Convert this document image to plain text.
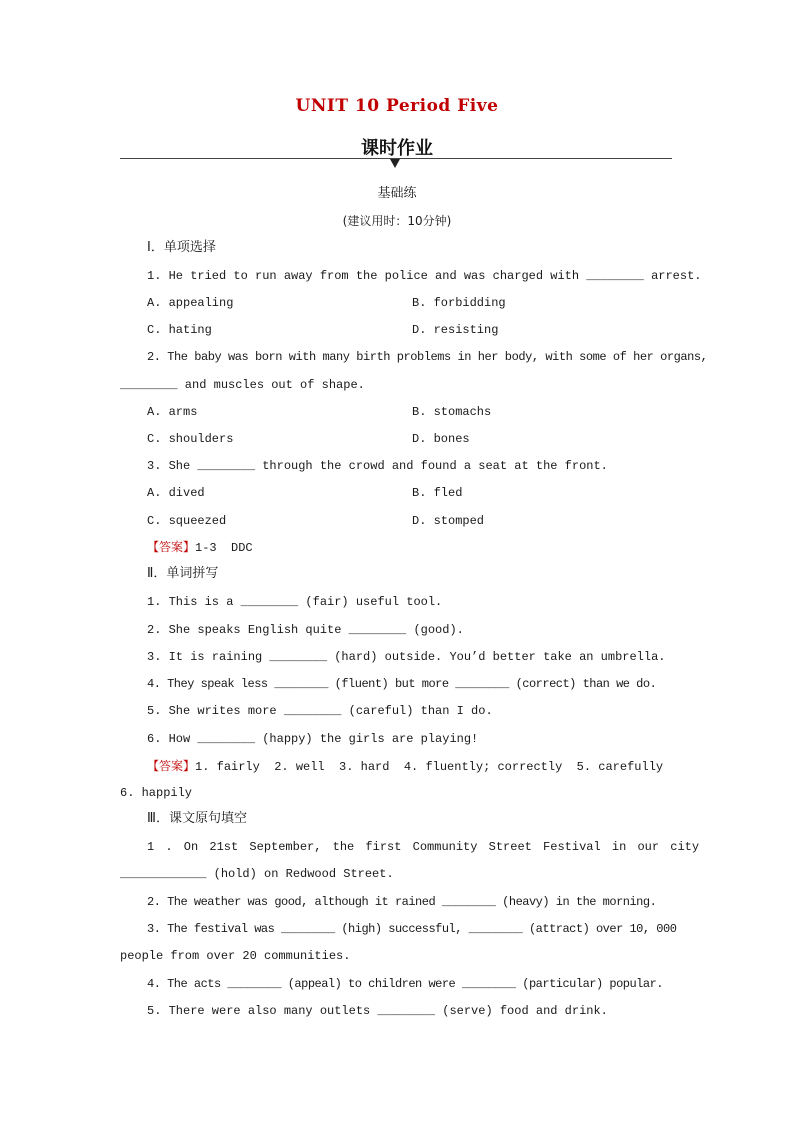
UNIT 10 Period Five
课时作业
基础练
(建议用时：10分钟)
Ⅰ．单项选择
1. He tried to run away from the police and was charged with ________ arrest.
A. appealing	B. forbidding
C. hating	D. resisting
2. The baby was born with many birth problems in her body, with some of her organs,
________ and muscles out of shape.
A. arms	B. stomachs
C. shoulders	D. bones
3. She ________ through the crowd and found a seat at the front.
A. dived	B. fled
C. squeezed	D. stomped
【答案】1-3  DDC
Ⅱ．单词拼写
1. This is a ________ (fair) useful tool.
2. She speaks English quite ________ (good).
3. It is raining ________ (hard) outside. You’d better take an umbrella.
4. They speak less ________ (fluent) but more ________ (correct) than we do.
5. She writes more ________ (careful) than I do.
6. How ________ (happy) the girls are playing!
【答案】1. fairly  2. well  3. hard  4. fluently; correctly  5. carefully
6. happily
Ⅲ．课文原句填空
1 . On 21st September, the first Community Street Festival in our city
____________ (hold) on Redwood Street.
2. The weather was good, although it rained ________ (heavy) in the morning.
3. The festival was ________ (high) successful, ________ (attract) over 10, 000
people from over 20 communities.
4. The acts ________ (appeal) to children were ________ (particular) popular.
5. There were also many outlets ________ (serve) food and drink.
